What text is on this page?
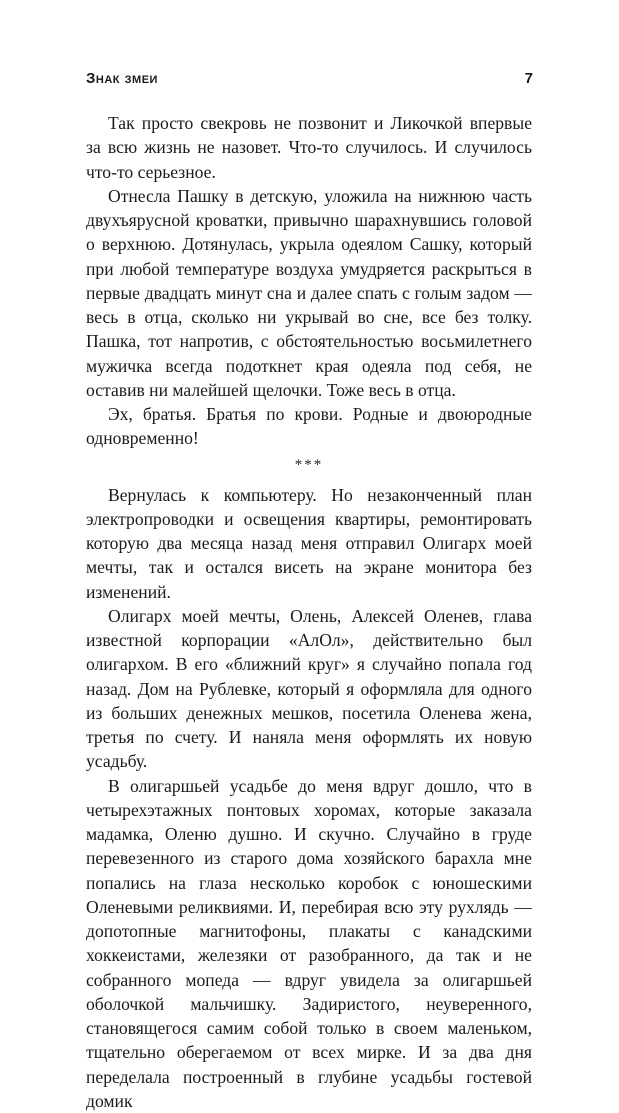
Знак змеи	7

Так просто свекровь не позвонит и Ликочкой впервые за всю жизнь не назовет. Что-то случилось. И случилось что-то серьезное.

Отнесла Пашку в детскую, уложила на нижнюю часть двухъярусной кроватки, привычно шарахнувшись головой о верхнюю. Дотянулась, укрыла одеялом Сашку, который при любой температуре воздуха умудряется раскрыться в первые двадцать минут сна и далее спать с голым задом — весь в отца, сколько ни укрывай во сне, все без толку. Пашка, тот напротив, с обстоятельностью восьмилетнего мужичка всегда подоткнет края одеяла под себя, не оставив ни малейшей щелочки. Тоже весь в отца.

Эх, братья. Братья по крови. Родные и двоюродные одновременно!

***

Вернулась к компьютеру. Но незаконченный план электропроводки и освещения квартиры, ремонтировать которую два месяца назад меня отправил Олигарх моей мечты, так и остался висеть на экране монитора без изменений.

Олигарх моей мечты, Олень, Алексей Оленев, глава известной корпорации «АлОл», действительно был олигархом. В его «ближний круг» я случайно попала год назад. Дом на Рублевке, который я оформляла для одного из больших денежных мешков, посетила Оленева жена, третья по счету. И наняла меня оформлять их новую усадьбу.

В олигаршьей усадьбе до меня вдруг дошло, что в четырехэтажных понтовых хоромах, которые заказала мадамка, Оленю душно. И скучно. Случайно в груде перевезенного из старого дома хозяйского барахла мне попались на глаза несколько коробок с юношескими Оленевыми реликвиями. И, перебирая всю эту рухлядь — допотопные магнитофоны, плакаты с канадскими хоккеистами, железяки от разобранного, да так и не собранного мопеда — вдруг увидела за олигаршьей оболочкой мальчишку. Задиристого, неуверенного, становящегося самим собой только в своем маленьком, тщательно оберегаемом от всех мирке. И за два дня переделала построенный в глубине усадьбы гостевой домик
